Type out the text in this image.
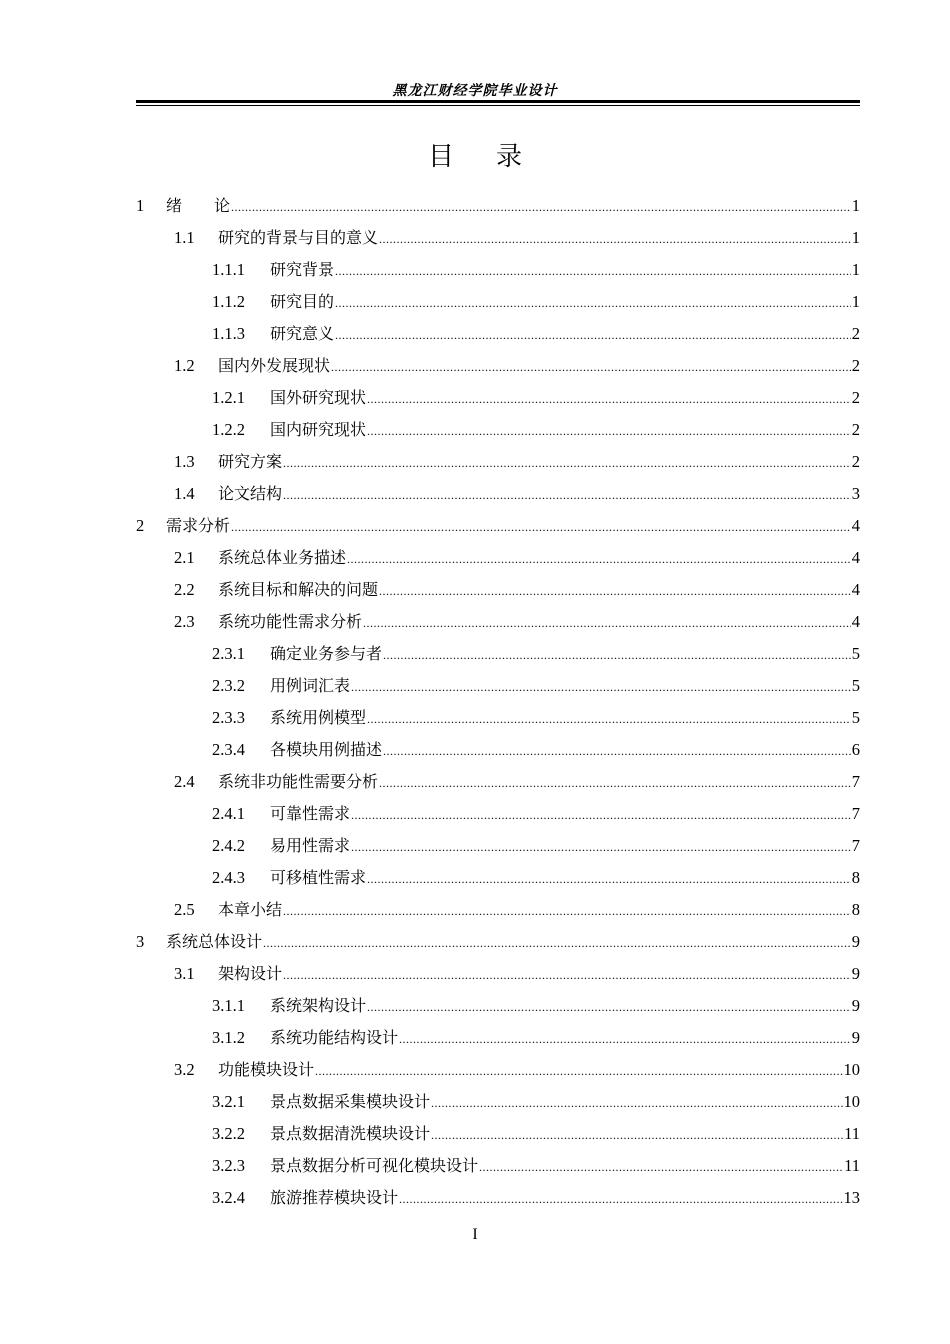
黑龙江财经学院毕业设计
目录
1	绪　　论 .....	1
1.1	研究的背景与目的意义 .....	1
1.1.1	研究背景 .....	1
1.1.2	研究目的 .....	1
1.1.3	研究意义 .....	2
1.2	国内外发展现状 .....	2
1.2.1	国外研究现状 .....	2
1.2.2	国内研究现状 .....	2
1.3	研究方案 .....	2
1.4	论文结构 .....	3
2	需求分析 .....	4
2.1	系统总体业务描述 .....	4
2.2	系统目标和解决的问题 .....	4
2.3	系统功能性需求分析 .....	4
2.3.1	确定业务参与者 .....	5
2.3.2	用例词汇表 .....	5
2.3.3	系统用例模型 .....	5
2.3.4	各模块用例描述 .....	6
2.4	系统非功能性需要分析 .....	7
2.4.1	可靠性需求 .....	7
2.4.2	易用性需求 .....	7
2.4.3	可移植性需求 .....	8
2.5	本章小结 .....	8
3	系统总体设计 .....	9
3.1	架构设计 .....	9
3.1.1	系统架构设计 .....	9
3.1.2	系统功能结构设计 .....	9
3.2	功能模块设计 .....	10
3.2.1	景点数据采集模块设计 .....	10
3.2.2	景点数据清洗模块设计 .....	11
3.2.3	景点数据分析可视化模块设计 .....	11
3.2.4	旅游推荐模块设计 .....	13
I
